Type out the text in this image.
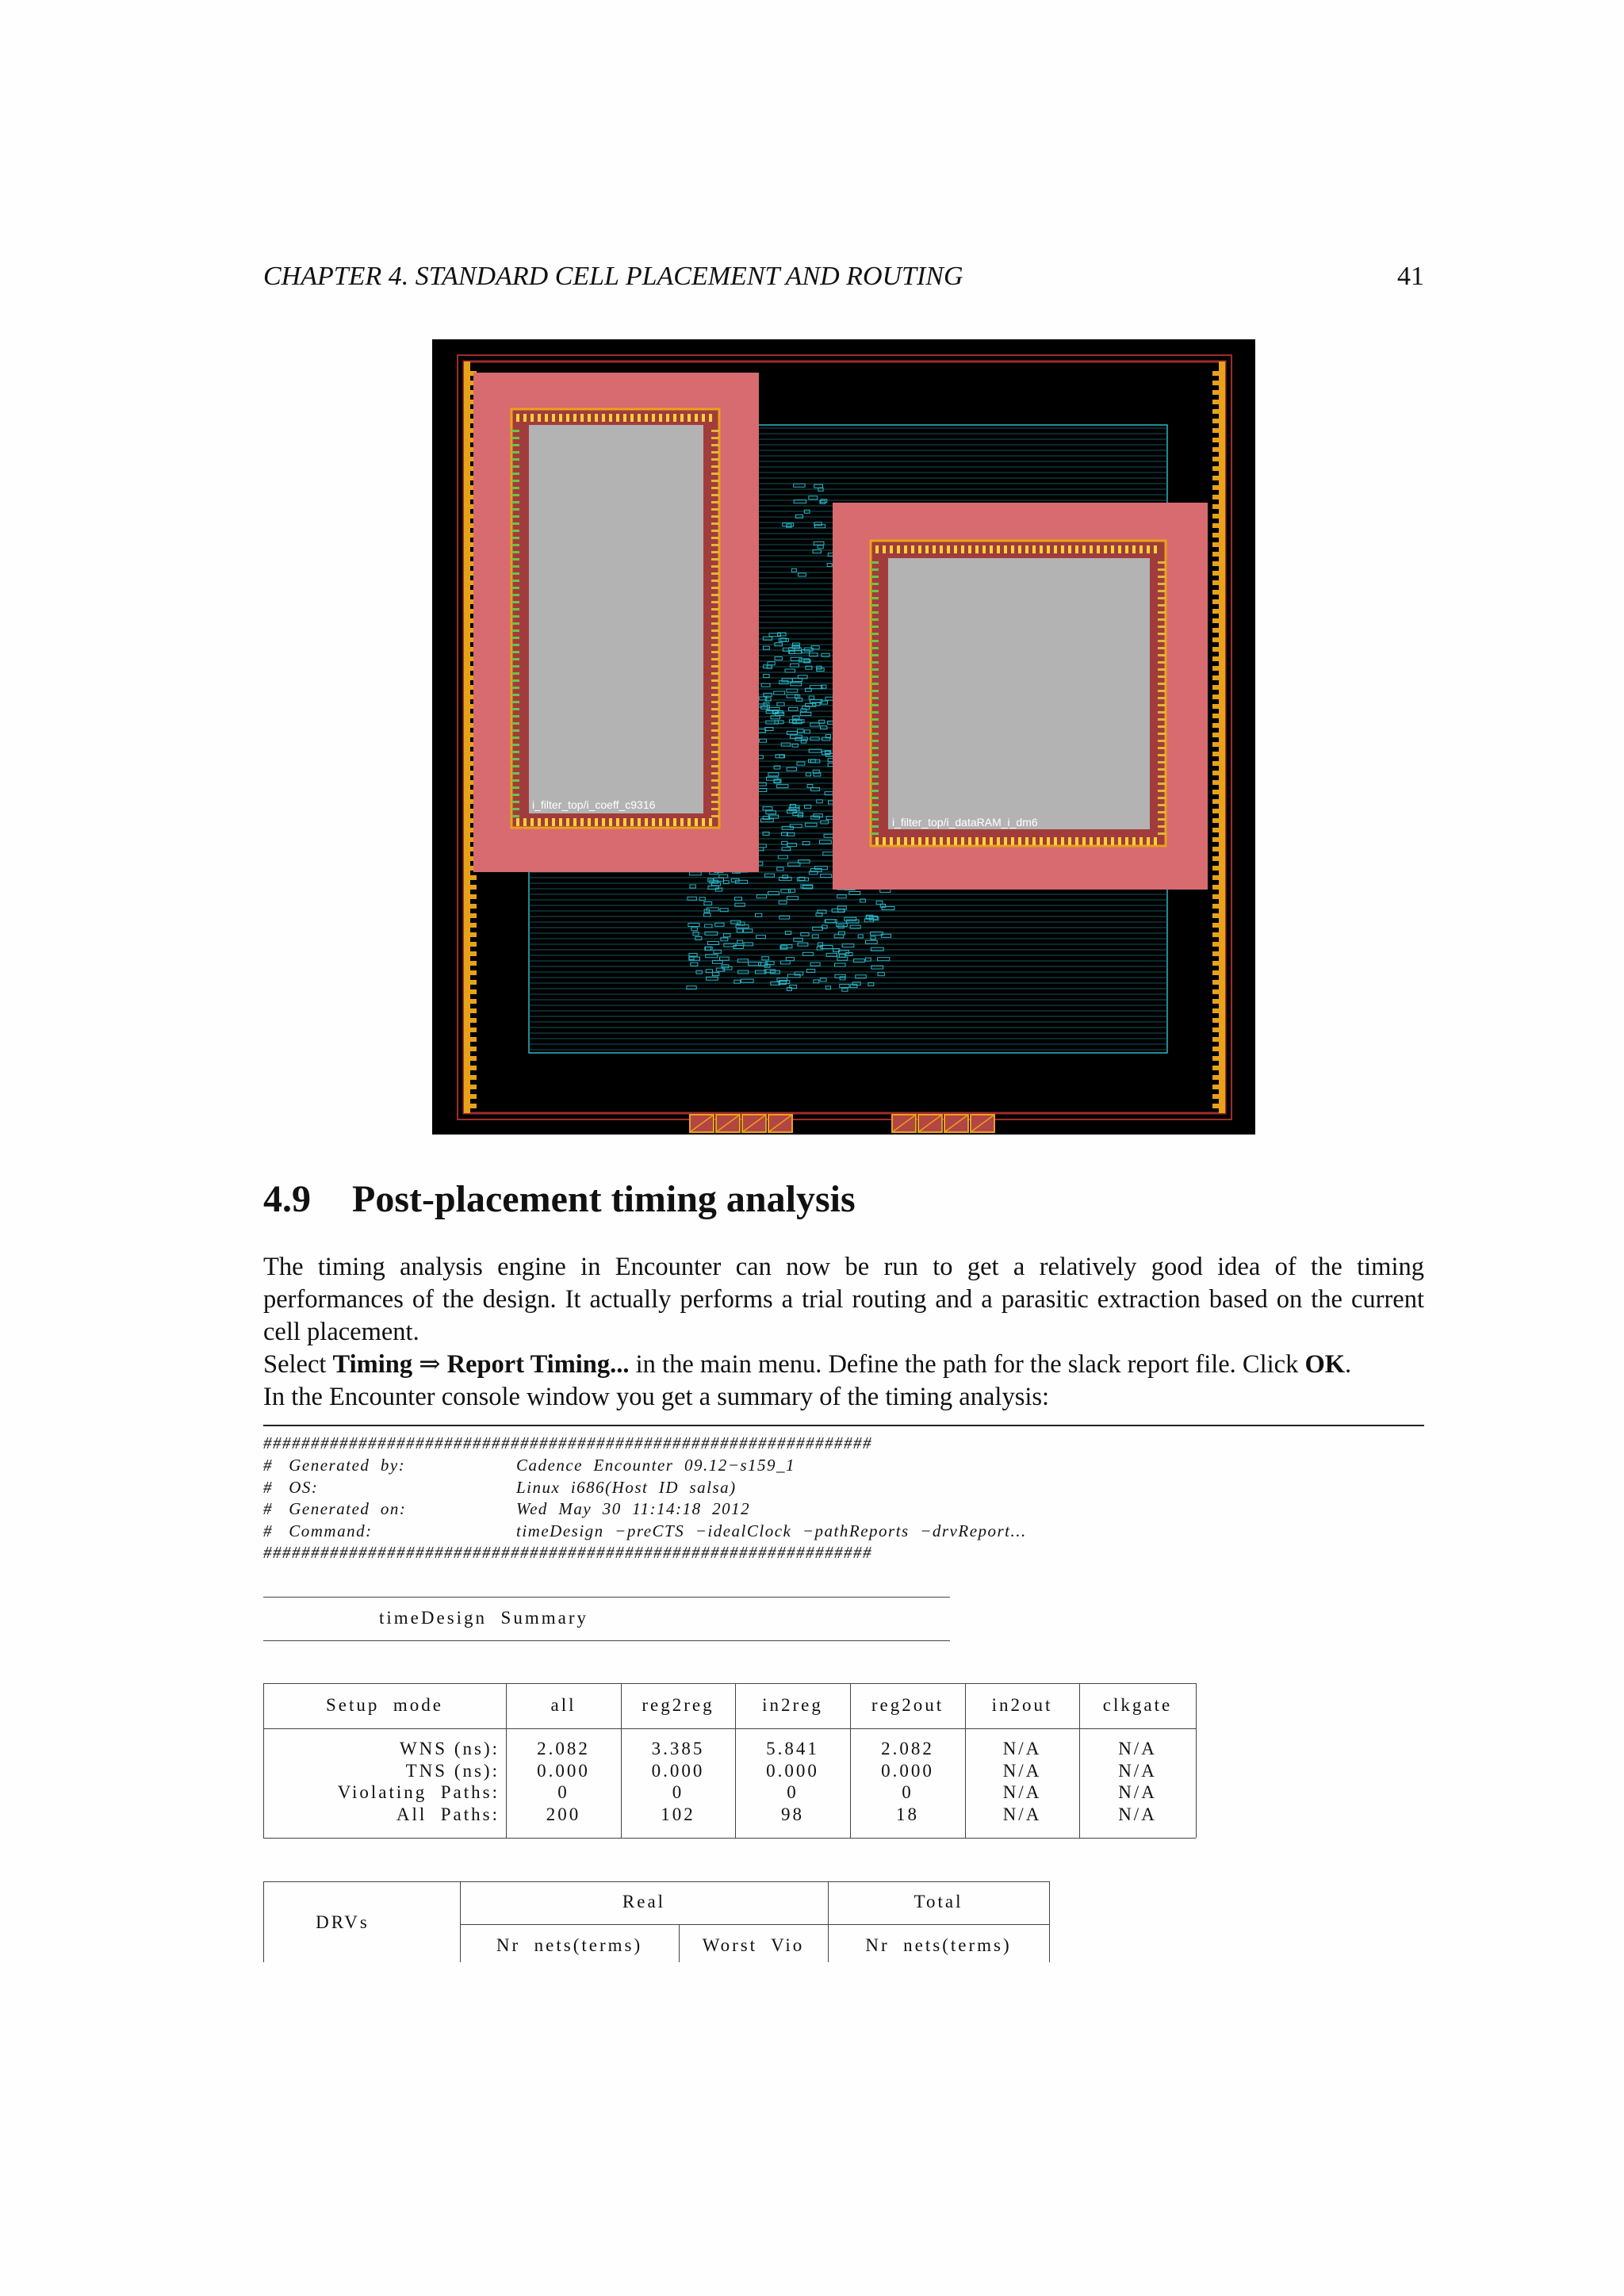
CHAPTER 4. STANDARD CELL PLACEMENT AND ROUTING	41
i_filter_top/i_coeff_c9316
i_filter_top/i_dataRAM_i_dm6
4.9 Post-placement timing analysis

The timing analysis engine in Encounter can now be run to get a relatively good idea of the timing performances of the design. It actually performs a trial routing and a parasitic extraction based on the current cell placement.

Select Timing ⇒ Report Timing... in the main menu. Define the path for the slack report file. Click OK.

In the Encounter console window you get a summary of the timing analysis:

################################################################
#   Generated  by:	Cadence  Encounter  09.12−s159_1
#   OS:	Linux  i686(Host  ID  salsa)
#   Generated  on:	Wed  May  30  11:14:18  2012
#   Command:	timeDesign  −preCTS  −idealClock  −pathReports  −drvReport...
################################################################
timeDesign  Summary
Setup  mode	all	reg2reg	in2reg	reg2out	in2out	clkgate
WNS (ns):	2.082	3.385	5.841	2.082	N/A	N/A
TNS (ns):	0.000	0.000	0.000	0.000	N/A	N/A
Violating  Paths:	0	0	0	0	N/A	N/A
All  Paths:	200	102	98	18	N/A	N/A
DRVs
Real	Total
Nr  nets(terms)	Worst  Vio	Nr  nets(terms)
